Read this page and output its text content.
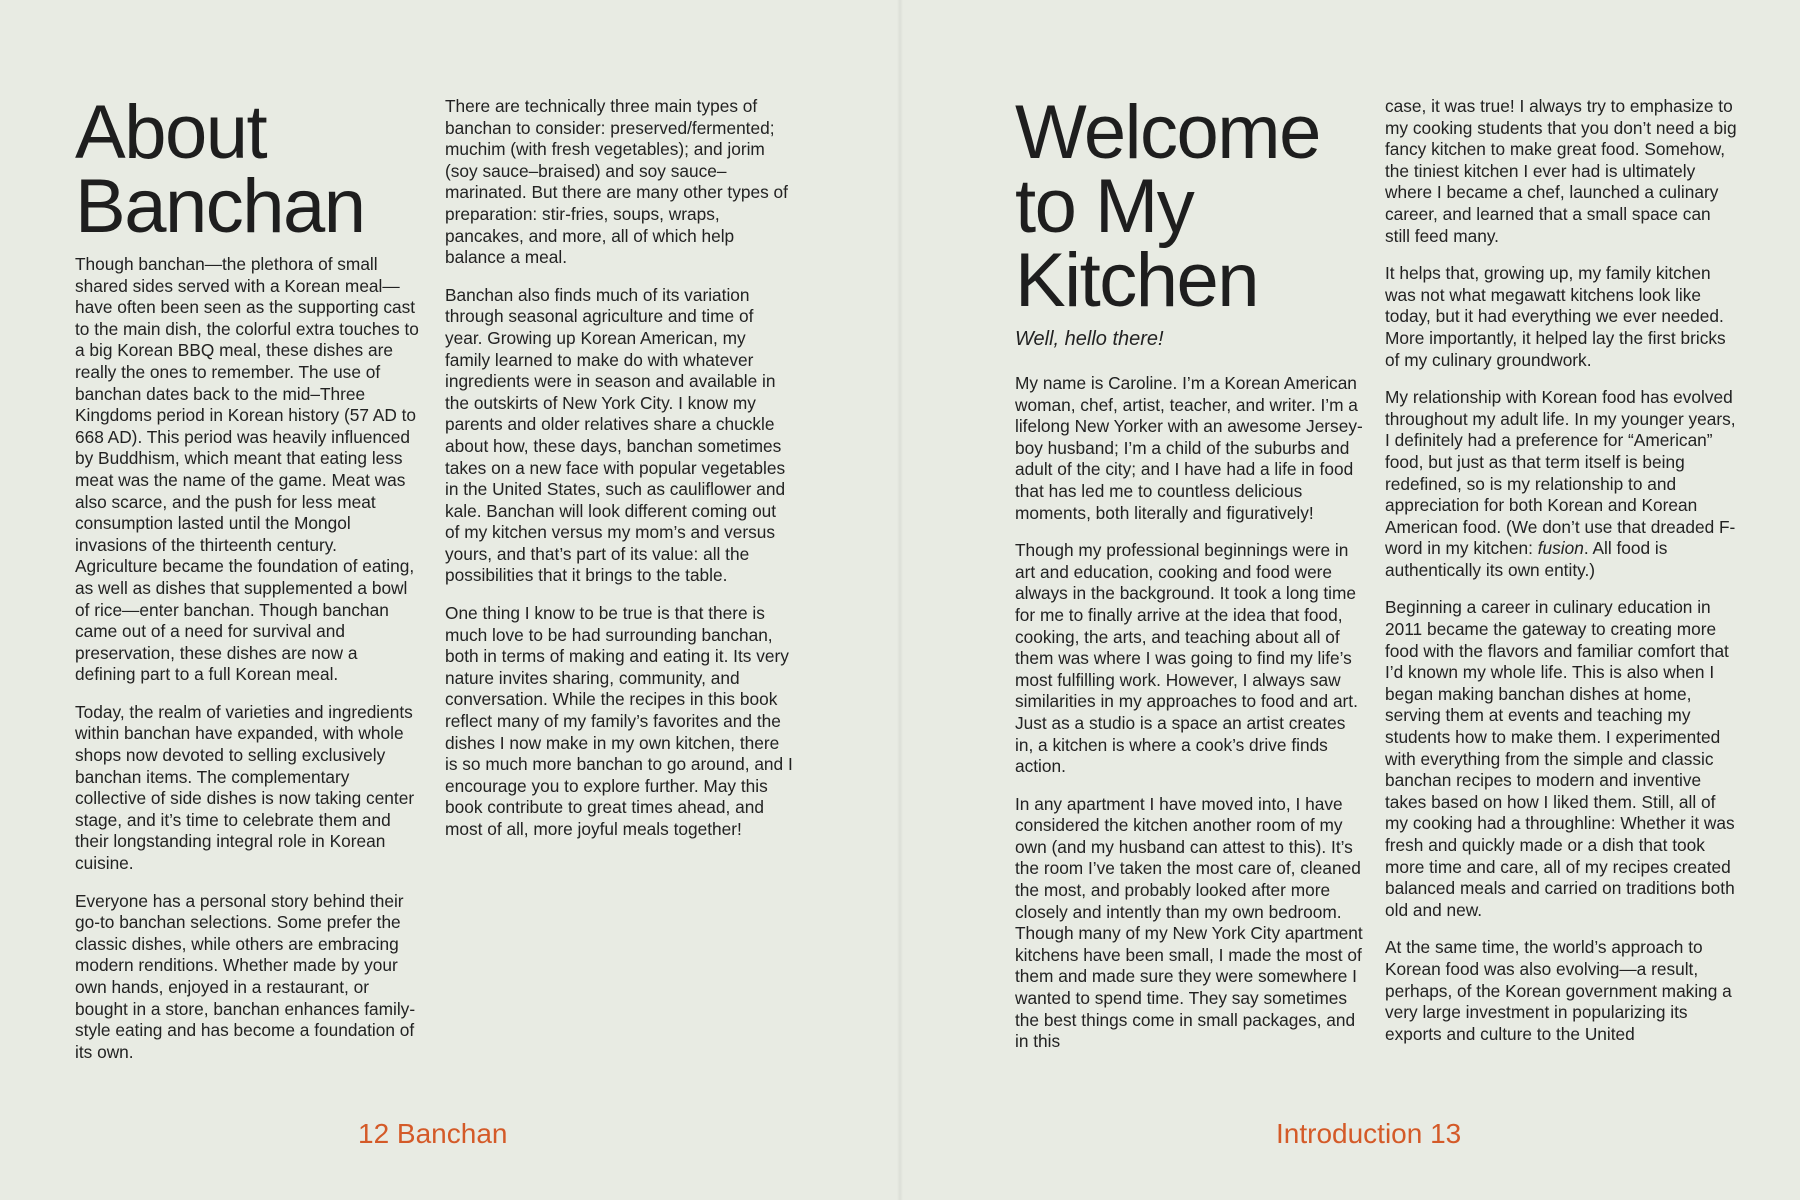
About
Banchan

Though banchan—the plethora of small shared sides served with a Korean meal—have often been seen as the supporting cast to the main dish, the colorful extra touches to a big Korean BBQ meal, these dishes are really the ones to remember. The use of banchan dates back to the mid–Three Kingdoms period in Korean history (57 AD to 668 AD). This period was heavily influenced by Buddhism, which meant that eating less meat was the name of the game. Meat was also scarce, and the push for less meat consumption lasted until the Mongol invasions of the thirteenth century. Agriculture became the foundation of eating, as well as dishes that supplemented a bowl of rice—enter banchan. Though banchan came out of a need for survival and preservation, these dishes are now a defining part to a full Korean meal.

Today, the realm of varieties and ingredients within banchan have expanded, with whole shops now devoted to selling exclusively banchan items. The complementary collective of side dishes is now taking center stage, and it’s time to celebrate them and their longstanding integral role in Korean cuisine.

Everyone has a personal story behind their go-to banchan selections. Some prefer the classic dishes, while others are embracing modern renditions. Whether made by your own hands, enjoyed in a restaurant, or bought in a store, banchan enhances family-style eating and has become a foundation of its own.

There are technically three main types of banchan to consider: preserved/fermented; muchim (with fresh vegetables); and jorim (soy sauce–braised) and soy sauce–marinated. But there are many other types of preparation: stir-fries, soups, wraps, pancakes, and more, all of which help balance a meal.

Banchan also finds much of its variation through seasonal agriculture and time of year. Growing up Korean American, my family learned to make do with whatever ingredients were in season and available in the outskirts of New York City. I know my parents and older relatives share a chuckle about how, these days, banchan sometimes takes on a new face with popular vegetables in the United States, such as cauliflower and kale. Banchan will look different coming out of my kitchen versus my mom’s and versus yours, and that’s part of its value: all the possibilities that it brings to the table.

One thing I know to be true is that there is much love to be had surrounding banchan, both in terms of making and eating it. Its very nature invites sharing, community, and conversation. While the recipes in this book reflect many of my family’s favorites and the dishes I now make in my own kitchen, there is so much more banchan to go around, and I encourage you to explore further. May this book contribute to great times ahead, and most of all, more joyful meals together!

12 Banchan
Welcome
to My
Kitchen
Well, hello there!

My name is Caroline. I’m a Korean American woman, chef, artist, teacher, and writer. I’m a lifelong New Yorker with an awesome Jersey-boy husband; I’m a child of the suburbs and adult of the city; and I have had a life in food that has led me to countless delicious moments, both literally and figuratively!

Though my professional beginnings were in art and education, cooking and food were always in the background. It took a long time for me to finally arrive at the idea that food, cooking, the arts, and teaching about all of them was where I was going to find my life’s most fulfilling work. However, I always saw similarities in my approaches to food and art. Just as a studio is a space an artist creates in, a kitchen is where a cook’s drive finds action.

In any apartment I have moved into, I have considered the kitchen another room of my own (and my husband can attest to this). It’s the room I’ve taken the most care of, cleaned the most, and probably looked after more closely and intently than my own bedroom. Though many of my New York City apartment kitchens have been small, I made the most of them and made sure they were somewhere I wanted to spend time. They say sometimes the best things come in small packages, and in this

case, it was true! I always try to emphasize to my cooking students that you don’t need a big fancy kitchen to make great food. Somehow, the tiniest kitchen I ever had is ultimately where I became a chef, launched a culinary career, and learned that a small space can still feed many.

It helps that, growing up, my family kitchen was not what megawatt kitchens look like today, but it had everything we ever needed. More importantly, it helped lay the first bricks of my culinary groundwork.

My relationship with Korean food has evolved throughout my adult life. In my younger years, I definitely had a preference for “American” food, but just as that term itself is being redefined, so is my relationship to and appreciation for both Korean and Korean American food. (We don’t use that dreaded F-word in my kitchen: fusion. All food is authentically its own entity.)

Beginning a career in culinary education in 2011 became the gateway to creating more food with the flavors and familiar comfort that I’d known my whole life. This is also when I began making banchan dishes at home, serving them at events and teaching my students how to make them. I experimented with everything from the simple and classic banchan recipes to modern and inventive takes based on how I liked them. Still, all of my cooking had a throughline: Whether it was fresh and quickly made or a dish that took more time and care, all of my recipes created balanced meals and carried on traditions both old and new.

At the same time, the world’s approach to Korean food was also evolving—a result, perhaps, of the Korean government making a very large investment in popularizing its exports and culture to the United

Introduction 13
